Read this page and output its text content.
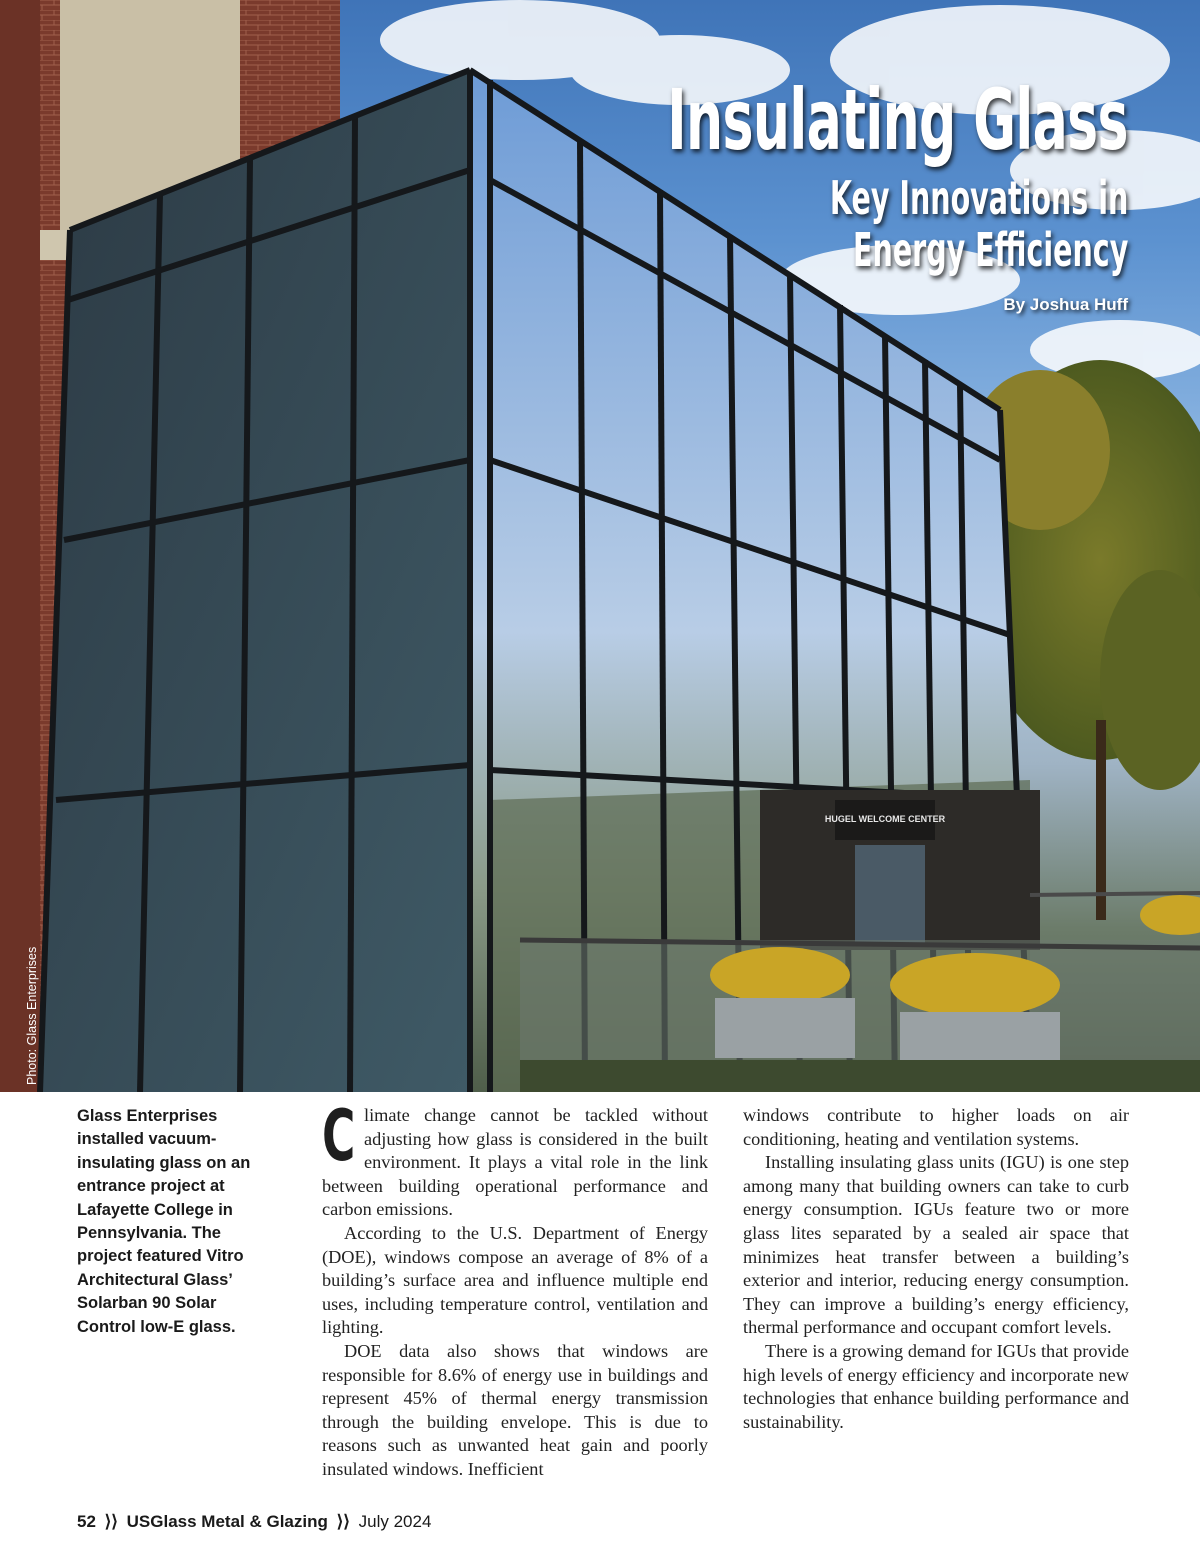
HUGEL WELCOME CENTER
Insulating Glass
Key Innovations in
Energy Efficiency
By Joshua Huff
Photo: Glass Enterprises

Glass Enterprises installed vacuum-insulating glass on an entrance project at Lafayette College in Pennsylvania. The project featured Vitro Architectural Glass’ Solarban 90 Solar Control low-E glass.

Climate change cannot be tackled without adjusting how glass is considered in the built environment. It plays a vital role in the link between building operational performance and carbon emissions.

According to the U.S. Department of Energy (DOE), windows compose an average of 8% of a building’s surface area and influence multiple end uses, including temperature control, ventilation and lighting.

DOE data also shows that windows are responsible for 8.6% of energy use in buildings and represent 45% of thermal energy transmission through the building envelope. This is due to reasons such as unwanted heat gain and poorly insulated windows. Inefficient

windows contribute to higher loads on air conditioning, heating and ventilation systems.

Installing insulating glass units (IGU) is one step among many that building owners can take to curb energy consumption. IGUs feature two or more glass lites separated by a sealed air space that minimizes heat transfer between a building’s exterior and interior, reducing energy consumption. They can improve a building’s energy efficiency, thermal performance and occupant comfort levels.

There is a growing demand for IGUs that provide high levels of energy efficiency and incorporate new technologies that enhance building performance and sustainability.

52 ⟩⟩ USGlass Metal & Glazing ⟩⟩ July 2024
